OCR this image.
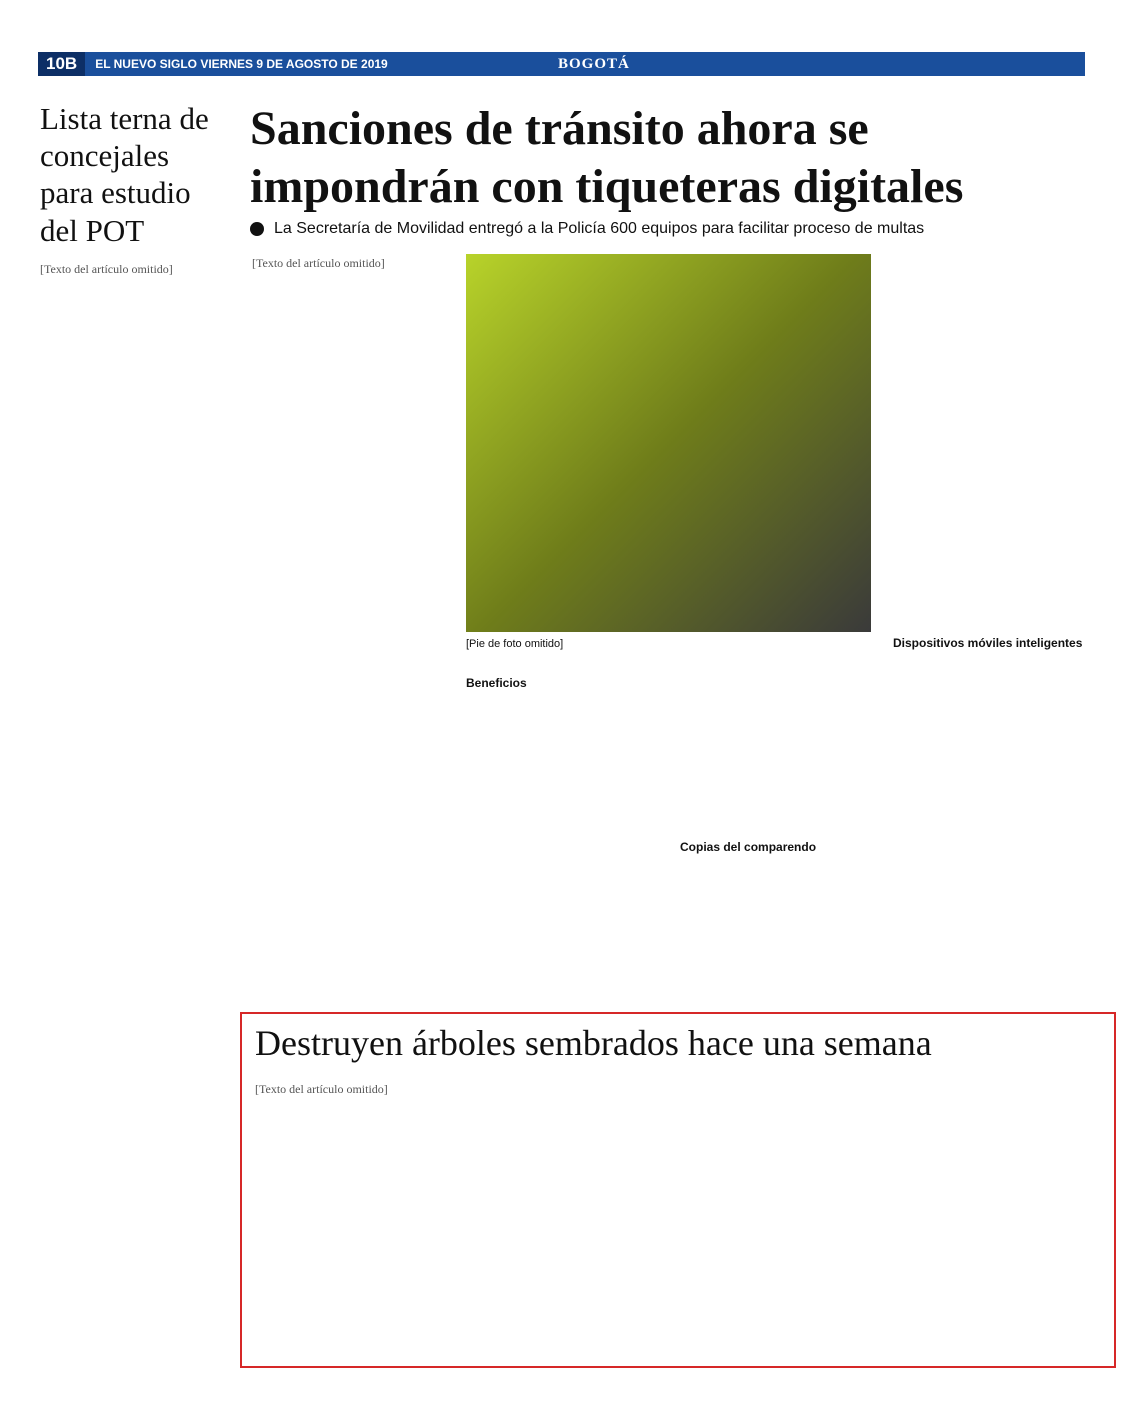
10B	EL NUEVO SIGLO VIERNES 9 DE AGOSTO DE 2019	BOGOTÁ
Lista terna de concejales para estudio del POT
[Texto del artículo omitido]
Sanciones de tránsito ahora se impondrán con tiqueteras digitales
La Secretaría de Movilidad entregó a la Policía 600 equipos para facilitar proceso de multas
[Texto del artículo omitido]
[Pie de foto omitido]
Beneficios
Copias del comparendo
Dispositivos móviles inteligentes
Destruyen árboles sembrados hace una semana
[Texto del artículo omitido]
